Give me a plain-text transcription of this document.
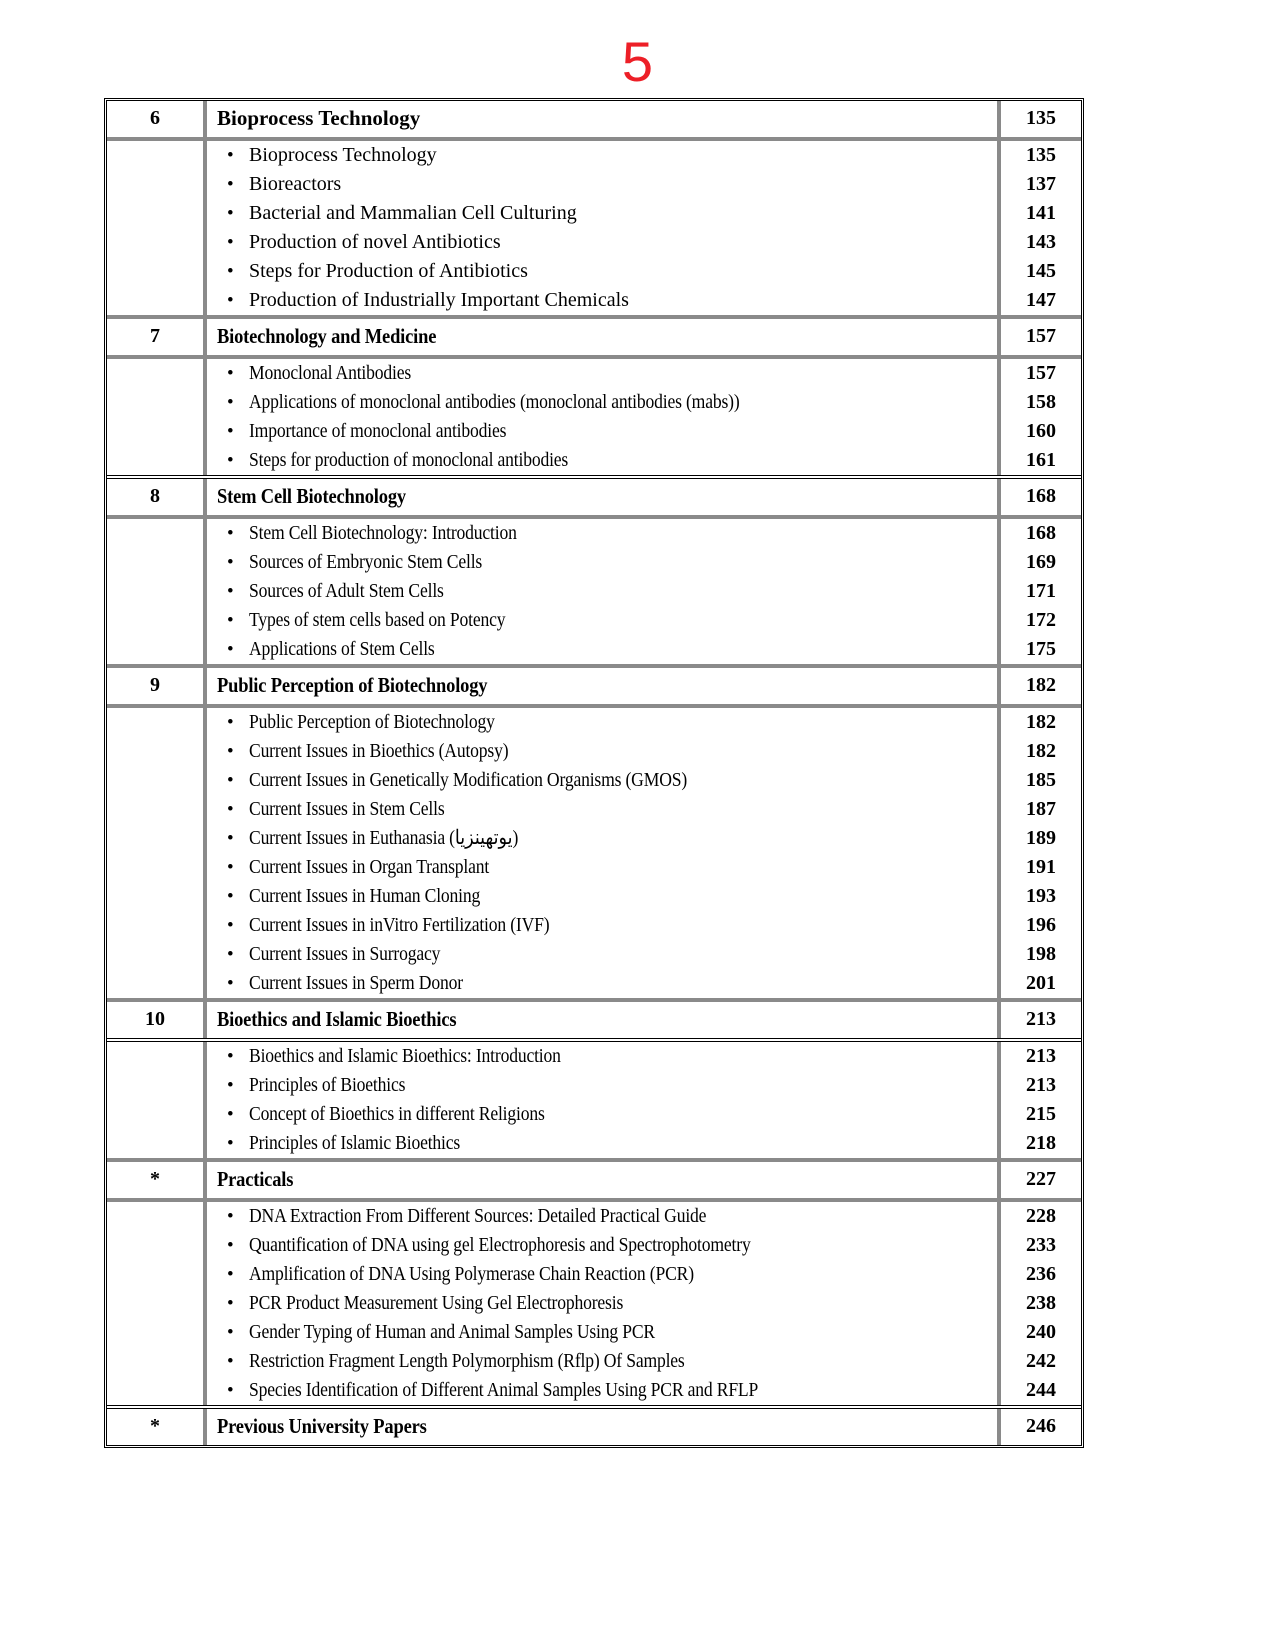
5
6	Bioprocess Technology	135
• Bioprocess Technology	135
• Bioreactors	137
• Bacterial and Mammalian Cell Culturing	141
• Production of novel Antibiotics	143
• Steps for Production of Antibiotics	145
• Production of Industrially Important Chemicals	147
7	Biotechnology and Medicine	157
• Monoclonal Antibodies	157
• Applications of monoclonal antibodies (monoclonal antibodies (mabs))	158
• Importance of monoclonal antibodies	160
• Steps for production of monoclonal antibodies	161
8	Stem Cell Biotechnology	168
• Stem Cell Biotechnology: Introduction	168
• Sources of Embryonic Stem Cells	169
• Sources of Adult Stem Cells	171
• Types of stem cells based on Potency	172
• Applications of Stem Cells	175
9	Public Perception of Biotechnology	182
• Public Perception of Biotechnology	182
• Current Issues in Bioethics (Autopsy)	182
• Current Issues in Genetically Modification Organisms (GMOS)	185
• Current Issues in Stem Cells	187
• Current Issues in Euthanasia (یوتھینزیا)	189
• Current Issues in Organ Transplant	191
• Current Issues in Human Cloning	193
• Current Issues in inVitro Fertilization (IVF)	196
• Current Issues in Surrogacy	198
• Current Issues in Sperm Donor	201
10	Bioethics and Islamic Bioethics	213
• Bioethics and Islamic Bioethics: Introduction	213
• Principles of Bioethics	213
• Concept of Bioethics in different Religions	215
• Principles of Islamic Bioethics	218
*	Practicals	227
• DNA Extraction From Different Sources: Detailed Practical Guide	228
• Quantification of DNA using gel Electrophoresis and Spectrophotometry	233
• Amplification of DNA Using Polymerase Chain Reaction (PCR)	236
• PCR Product Measurement Using Gel Electrophoresis	238
• Gender Typing of Human and Animal Samples Using PCR	240
• Restriction Fragment Length Polymorphism (Rflp) Of Samples	242
• Species Identification of Different Animal Samples Using PCR and RFLP	244
*	Previous University Papers	246
